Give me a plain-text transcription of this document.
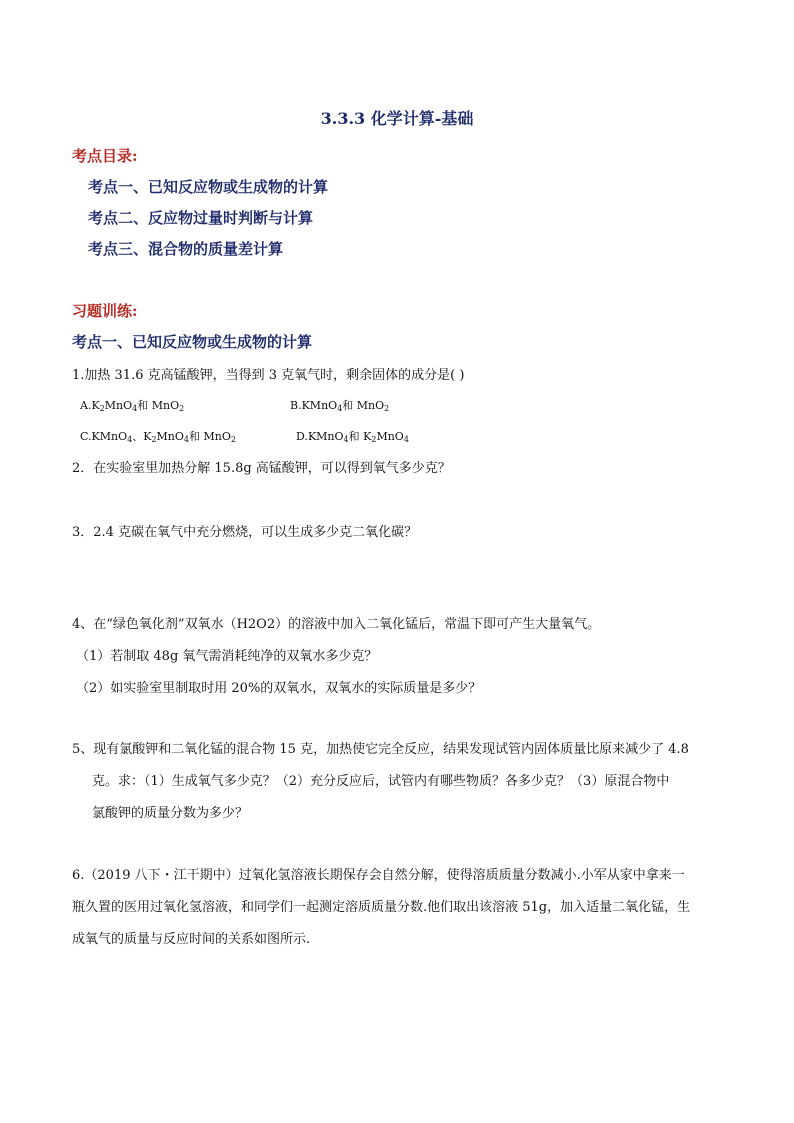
3.3.3 化学计算-基础
考点目录:
考点一、已知反应物或生成物的计算
考点二、反应物过量时判断与计算
考点三、混合物的质量差计算
习题训练:
考点一、已知反应物或生成物的计算
1.加热 31.6 克高锰酸钾，当得到 3 克氧气时，剩余固体的成分是( )
$A.K_2MnO_4$和 MnO$_2$	B.KMnO$_4$和 MnO$_2$
C.KMnO$_4$、$K_2MnO_4$和 MnO$_2$	D.KMnO$_4$和 $K_2MnO_4$
2．在实验室里加热分解 15.8g 高锰酸钾，可以得到氧气多少克？
3．2.4 克碳在氧气中充分燃烧，可以生成多少克二氧化碳？
4、在“绿色氧化剂”双氧水（H2O2）的溶液中加入二氧化锰后，常温下即可产生大量氧气。
（1）若制取 48g 氧气需消耗纯净的双氧水多少克？
（2）如实验室里制取时用 20%的双氧水，双氧水的实际质量是多少？
5、现有氯酸钾和二氧化锰的混合物 15 克，加热使它完全反应，结果发现试管内固体质量比原来减少了 4.8
克。求：（1）生成氧气多少克？（2）充分反应后，试管内有哪些物质？各多少克？（3）原混合物中
氯酸钾的质量分数为多少？
6.（2019 八下・江干期中）过氧化氢溶液长期保存会自然分解，使得溶质质量分数减小.小军从家中拿来一
瓶久置的医用过氧化氢溶液，和同学们一起测定溶质质量分数.他们取出该溶液 51g，加入适量二氧化锰，生
成氧气的质量与反应时间的关系如图所示.
